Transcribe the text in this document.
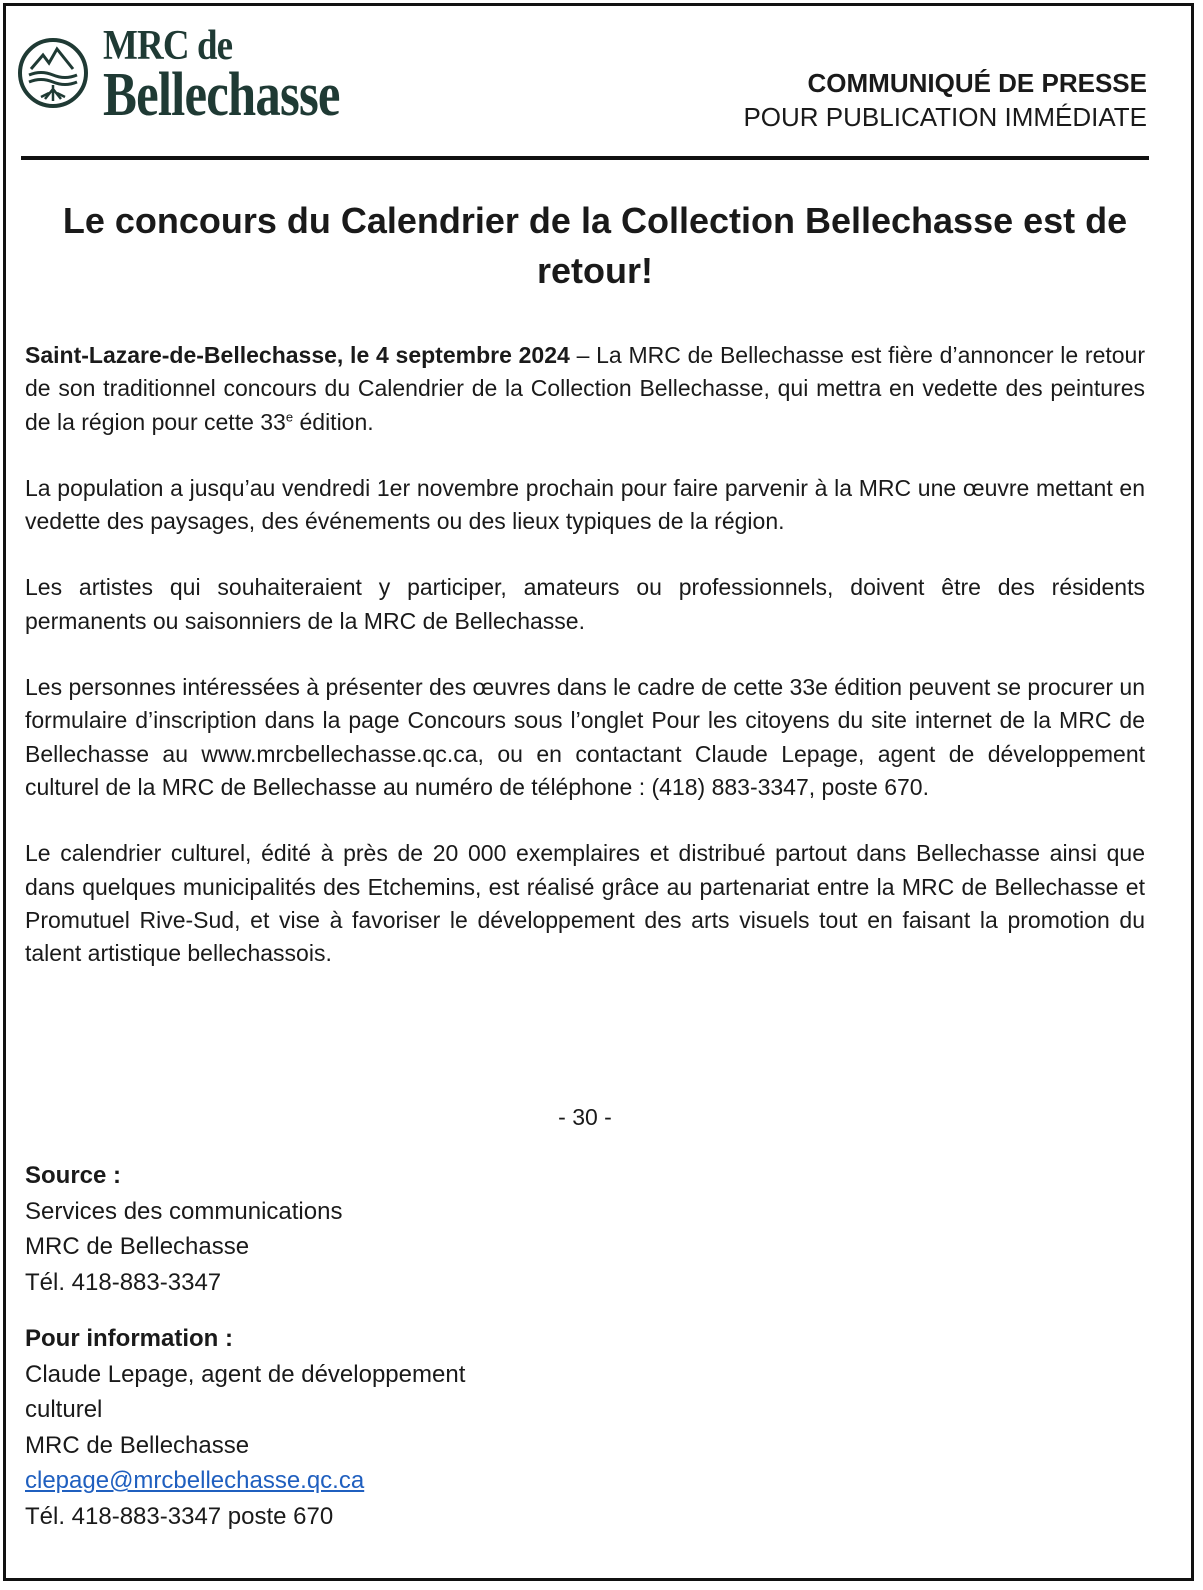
MRC de
Bellechasse	COMMUNIQUÉ DE PRESSE
POUR PUBLICATION IMMÉDIATE
Le concours du Calendrier de la Collection Bellechasse est de retour!

Saint-Lazare-de-Bellechasse, le 4 septembre 2024 – La MRC de Bellechasse est fière d’annoncer le retour de son traditionnel concours du Calendrier de la Collection Bellechasse, qui mettra en vedette des peintures de la région pour cette 33e édition.

La population a jusqu’au vendredi 1er novembre prochain pour faire parvenir à la MRC une œuvre mettant en vedette des paysages, des événements ou des lieux typiques de la région.

Les artistes qui souhaiteraient y participer, amateurs ou professionnels, doivent être des résidents permanents ou saisonniers de la MRC de Bellechasse.

Les personnes intéressées à présenter des œuvres dans le cadre de cette 33e édition peuvent se procurer un formulaire d’inscription dans la page Concours sous l’onglet Pour les citoyens du site internet de la MRC de Bellechasse au www.mrcbellechasse.qc.ca, ou en contactant Claude Lepage, agent de développement culturel de la MRC de Bellechasse au numéro de téléphone : (418) 883-3347, poste 670.

Le calendrier culturel, édité à près de 20 000 exemplaires et distribué partout dans Bellechasse ainsi que dans quelques municipalités des Etchemins, est réalisé grâce au partenariat entre la MRC de Bellechasse et Promutuel Rive-Sud, et vise à favoriser le développement des arts visuels tout en faisant la promotion du talent artistique bellechassois.

- 30 -
Source :
Services des communications
MRC de Bellechasse
Tél. 418-883-3347
Pour information :
Claude Lepage, agent de développement
culturel
MRC de Bellechasse
clepage@mrcbellechasse.qc.ca
Tél. 418-883-3347 poste 670
